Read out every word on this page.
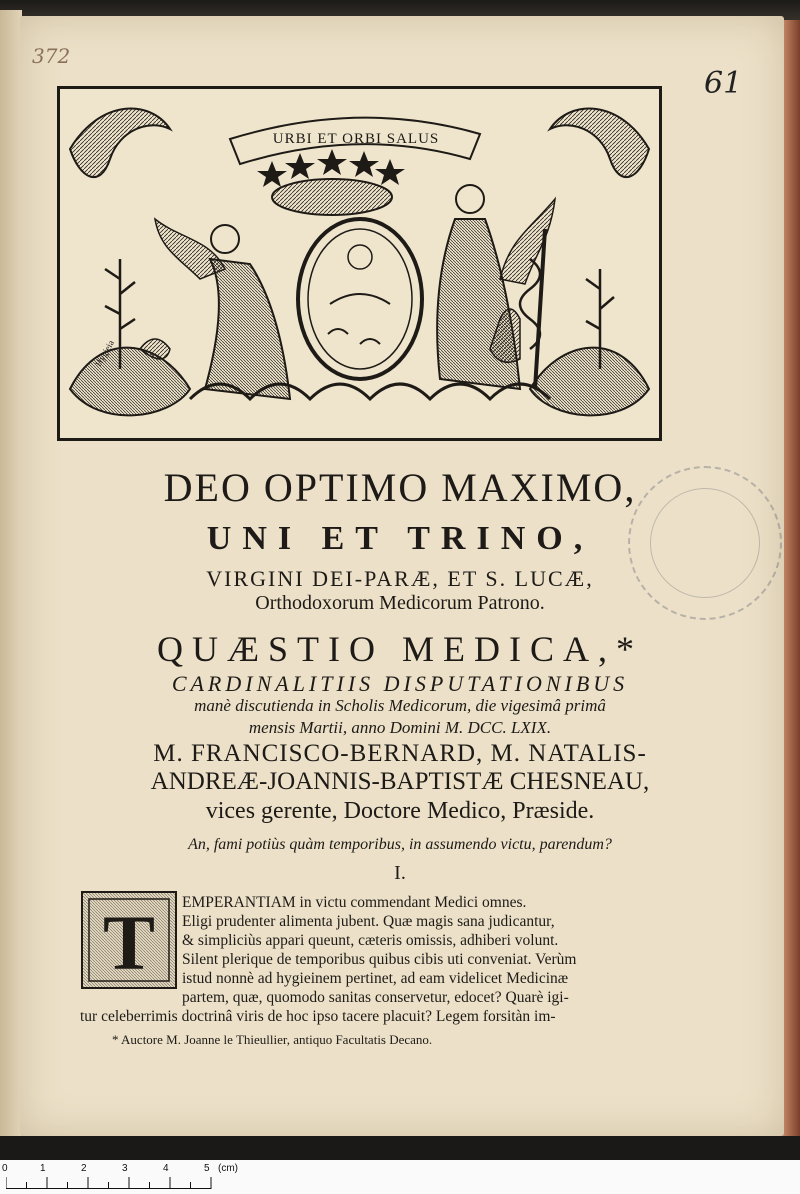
372
61
URBI ET ORBI SALUS
Hygieia
DEO OPTIMO MAXIMO,
UNI ET TRINO,
VIRGINI DEI-PARÆ, ET S. LUCÆ,
Orthodoxorum Medicorum Patrono.
QUÆSTIO MEDICA,*
CARDINALITIIS DISPUTATIONIBUS
manè discutienda in Scholis Medicorum, die vigesimâ primâ
mensis Martii, anno Domini M. DCC. LXIX.
M. FRANCISCO-BERNARD, M. NATALIS-
ANDREÆ-JOANNIS-BAPTISTÆ CHESNEAU,
vices gerente, Doctore Medico, Præside.
An, fami potiùs quàm temporibus, in assumendo victu, parendum?
I.
T EMPERANTIAM in victu commendant Medici omnes.
Eligi prudenter alimenta jubent. Quæ magis sana judicantur,
& simpliciùs appari queunt, cæteris omissis, adhiberi volunt.
Silent plerique de temporibus quibus cibis uti conveniat. Verùm
istud nonnè ad hygieinem pertinet, ad eam videlicet Medicinæ
partem, quæ, quomodo sanitas conservetur, edocet? Quarè igi-
tur celeberrimis doctrinâ viris de hoc ipso tacere placuit? Legem forsitàn im-
* Auctore M. Joanne le Thieullier, antiquo Facultatis Decano.
0	1	2	3	4	5 (cm)
